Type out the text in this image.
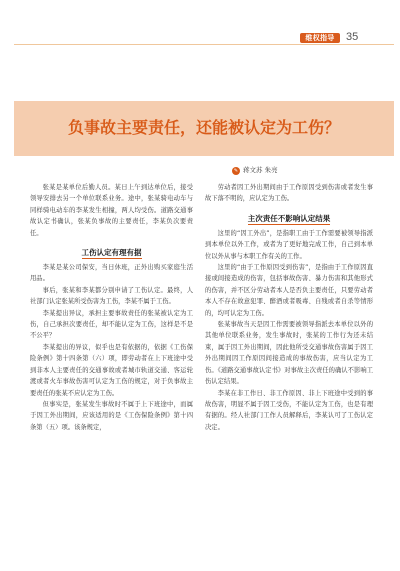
维权指导	35
负事故主要责任，还能被认定为工伤？
✎ 蒋文苏 朱亮

张某是某单位后勤人员。某日上午到达单位后，接受领导安排去另一个单位联系业务。途中，张某骑电动车与同样骑电动车的李某发生相撞，两人均受伤。道路交通事故认定书确认，张某负事故的主要责任，李某负次要责任。

工伤认定有理有据

李某是某公司保安，当日休班，正外出购买家庭生活用品。

事后，张某和李某都分别申请了工伤认定。最终，人社部门认定张某所受伤害为工伤，李某不属于工伤。

李某提出异议，承担主要事故责任的张某被认定为工伤，自己承担次要责任，却不能认定为工伤，这样是不是不公平？

李某提出的异议，似乎也是有依据的，依据《工伤保险条例》第十四条第（六）项，即劳动者在上下班途中受到非本人主要责任的交通事故或者城市轨道交通、客运轮渡或者火车事故伤害可认定为工伤的规定，对于负事故主要责任的张某不应认定为工伤。

但事实是，张某发生事故时不属于上下班途中，而属于因工外出期间，应该适用的是《工伤保险条例》第十四条第（五）项。该条规定，

劳动者因工外出期间由于工作原因受到伤害或者发生事故下落不明的，应认定为工伤。

主次责任不影响认定结果

这里的“因工外出”，是指职工由于工作需要被领导指派到本单位以外工作，或者为了更好地完成工作，自己到本单位以外从事与本职工作有关的工作。

这里的“由于工作原因受到伤害”，是指由于工作原因直接或间接造成的伤害，包括事故伤害、暴力伤害和其他形式的伤害，并不区分劳动者本人是否负主要责任，只要劳动者本人不存在故意犯罪、醉酒或者吸毒、自残或者自杀等情形的，均可认定为工伤。

张某事故当天是因工作需要被领导指派去本单位以外的其他单位联系业务，发生事故时，张某的工作行为还未结束，属于因工外出期间，因此他所受交通事故伤害属于因工外出期间因工作原因间接造成的事故伤害，应当认定为工伤。《道路交通事故认定书》对事故主次责任的确认不影响工伤认定结果。

李某在非工作日、非工作原因、非上下班途中受到的事故伤害，明显不属于因工受伤，不能认定为工伤，也是有理有据的。经人社部门工作人员解释后，李某认可了工伤认定决定。
